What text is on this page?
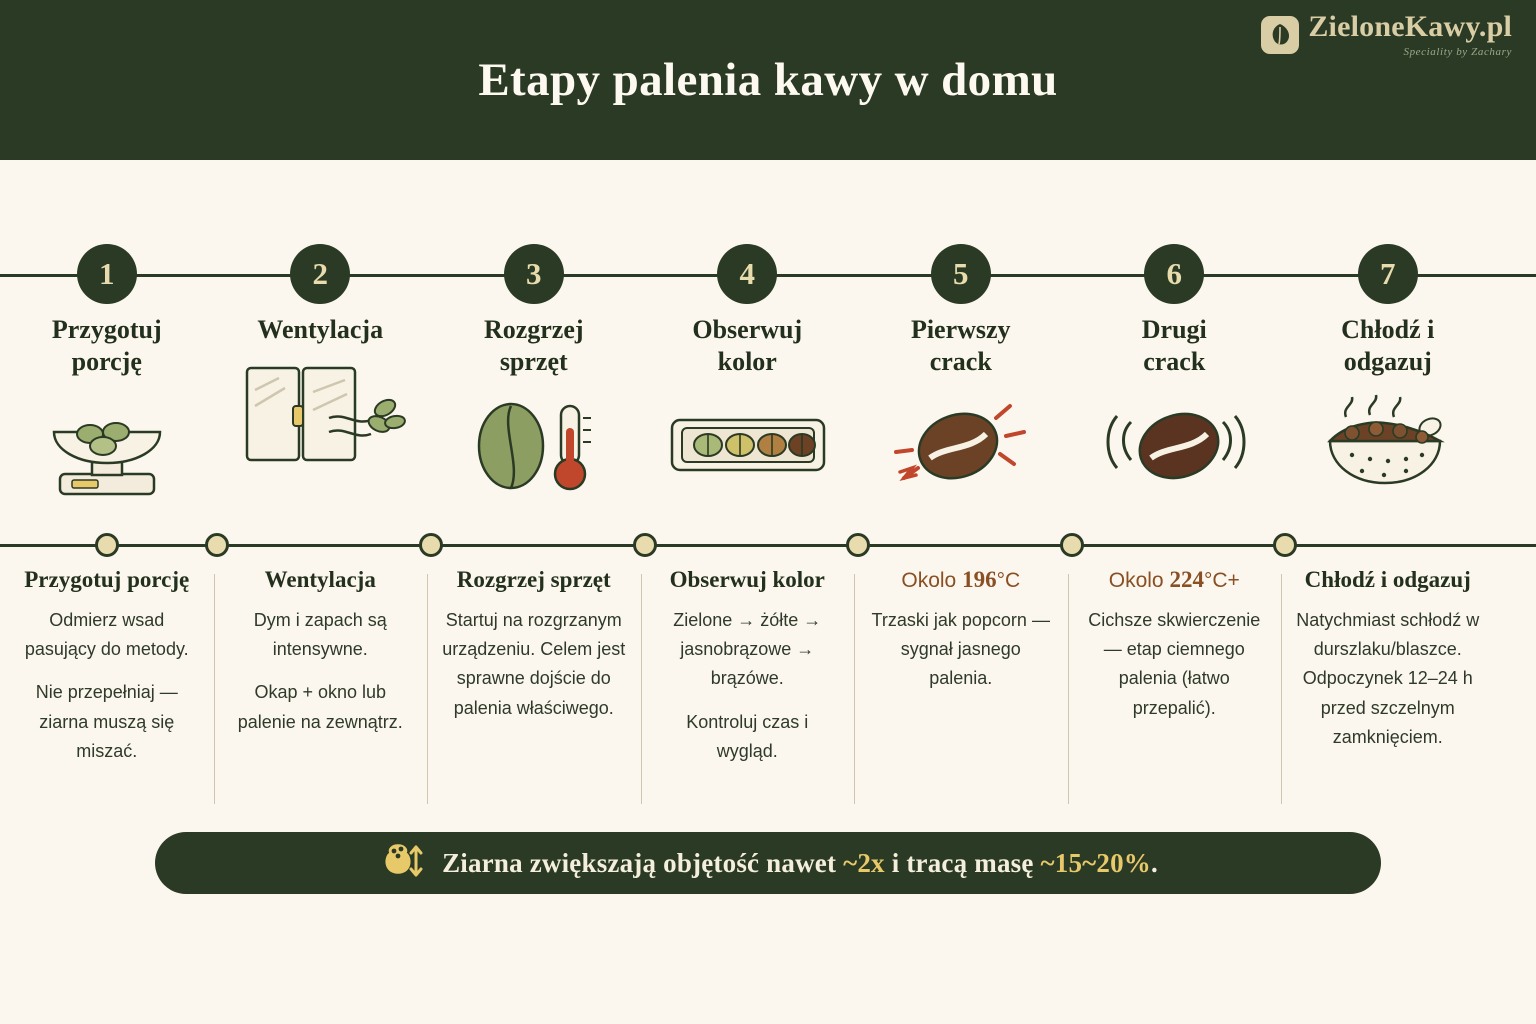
Etapy palenia kawy w domu
ZieloneKawy.pl
Speciality by Zachary
1
Przygotuj
porcję
2
Wentylacja
3
Rozgrzej
sprzęt
4
Obserwuj
kolor
5
Pierwszy
crack
6
Drugi
crack
7
Chłodź i
odgazuj
Przygotuj porcję

Odmierz wsad pasujący do metody.

Nie przepełniaj — ziarna muszą się miszać.

Wentylacja

Dym i zapach są intensywne.

Okap + okno lub palenie na zewnątrz.

Rozgrzej sprzęt

Startuj na rozgrzanym urządzeniu. Celem jest sprawne dojście do palenia właściwego.

Obserwuj kolor

Zielone → żółte → jasnobrązowe → brązówe.

Kontroluj czas i wygląd.

Okolo 196°C

Trzaski jak popcorn — sygnał jasnego palenia.

Okolo 224°C+

Cichsze skwierczenie — etap ciemnego palenia (łatwo przepalić).

Chłodź i odgazuj

Natychmiast schłodź w durszlaku/blaszce. Odpoczynek 12–24 h przed szczelnym zamknięciem.

Ziarna zwiększają objętość nawet ~2x i tracą masę ~15~20%.
